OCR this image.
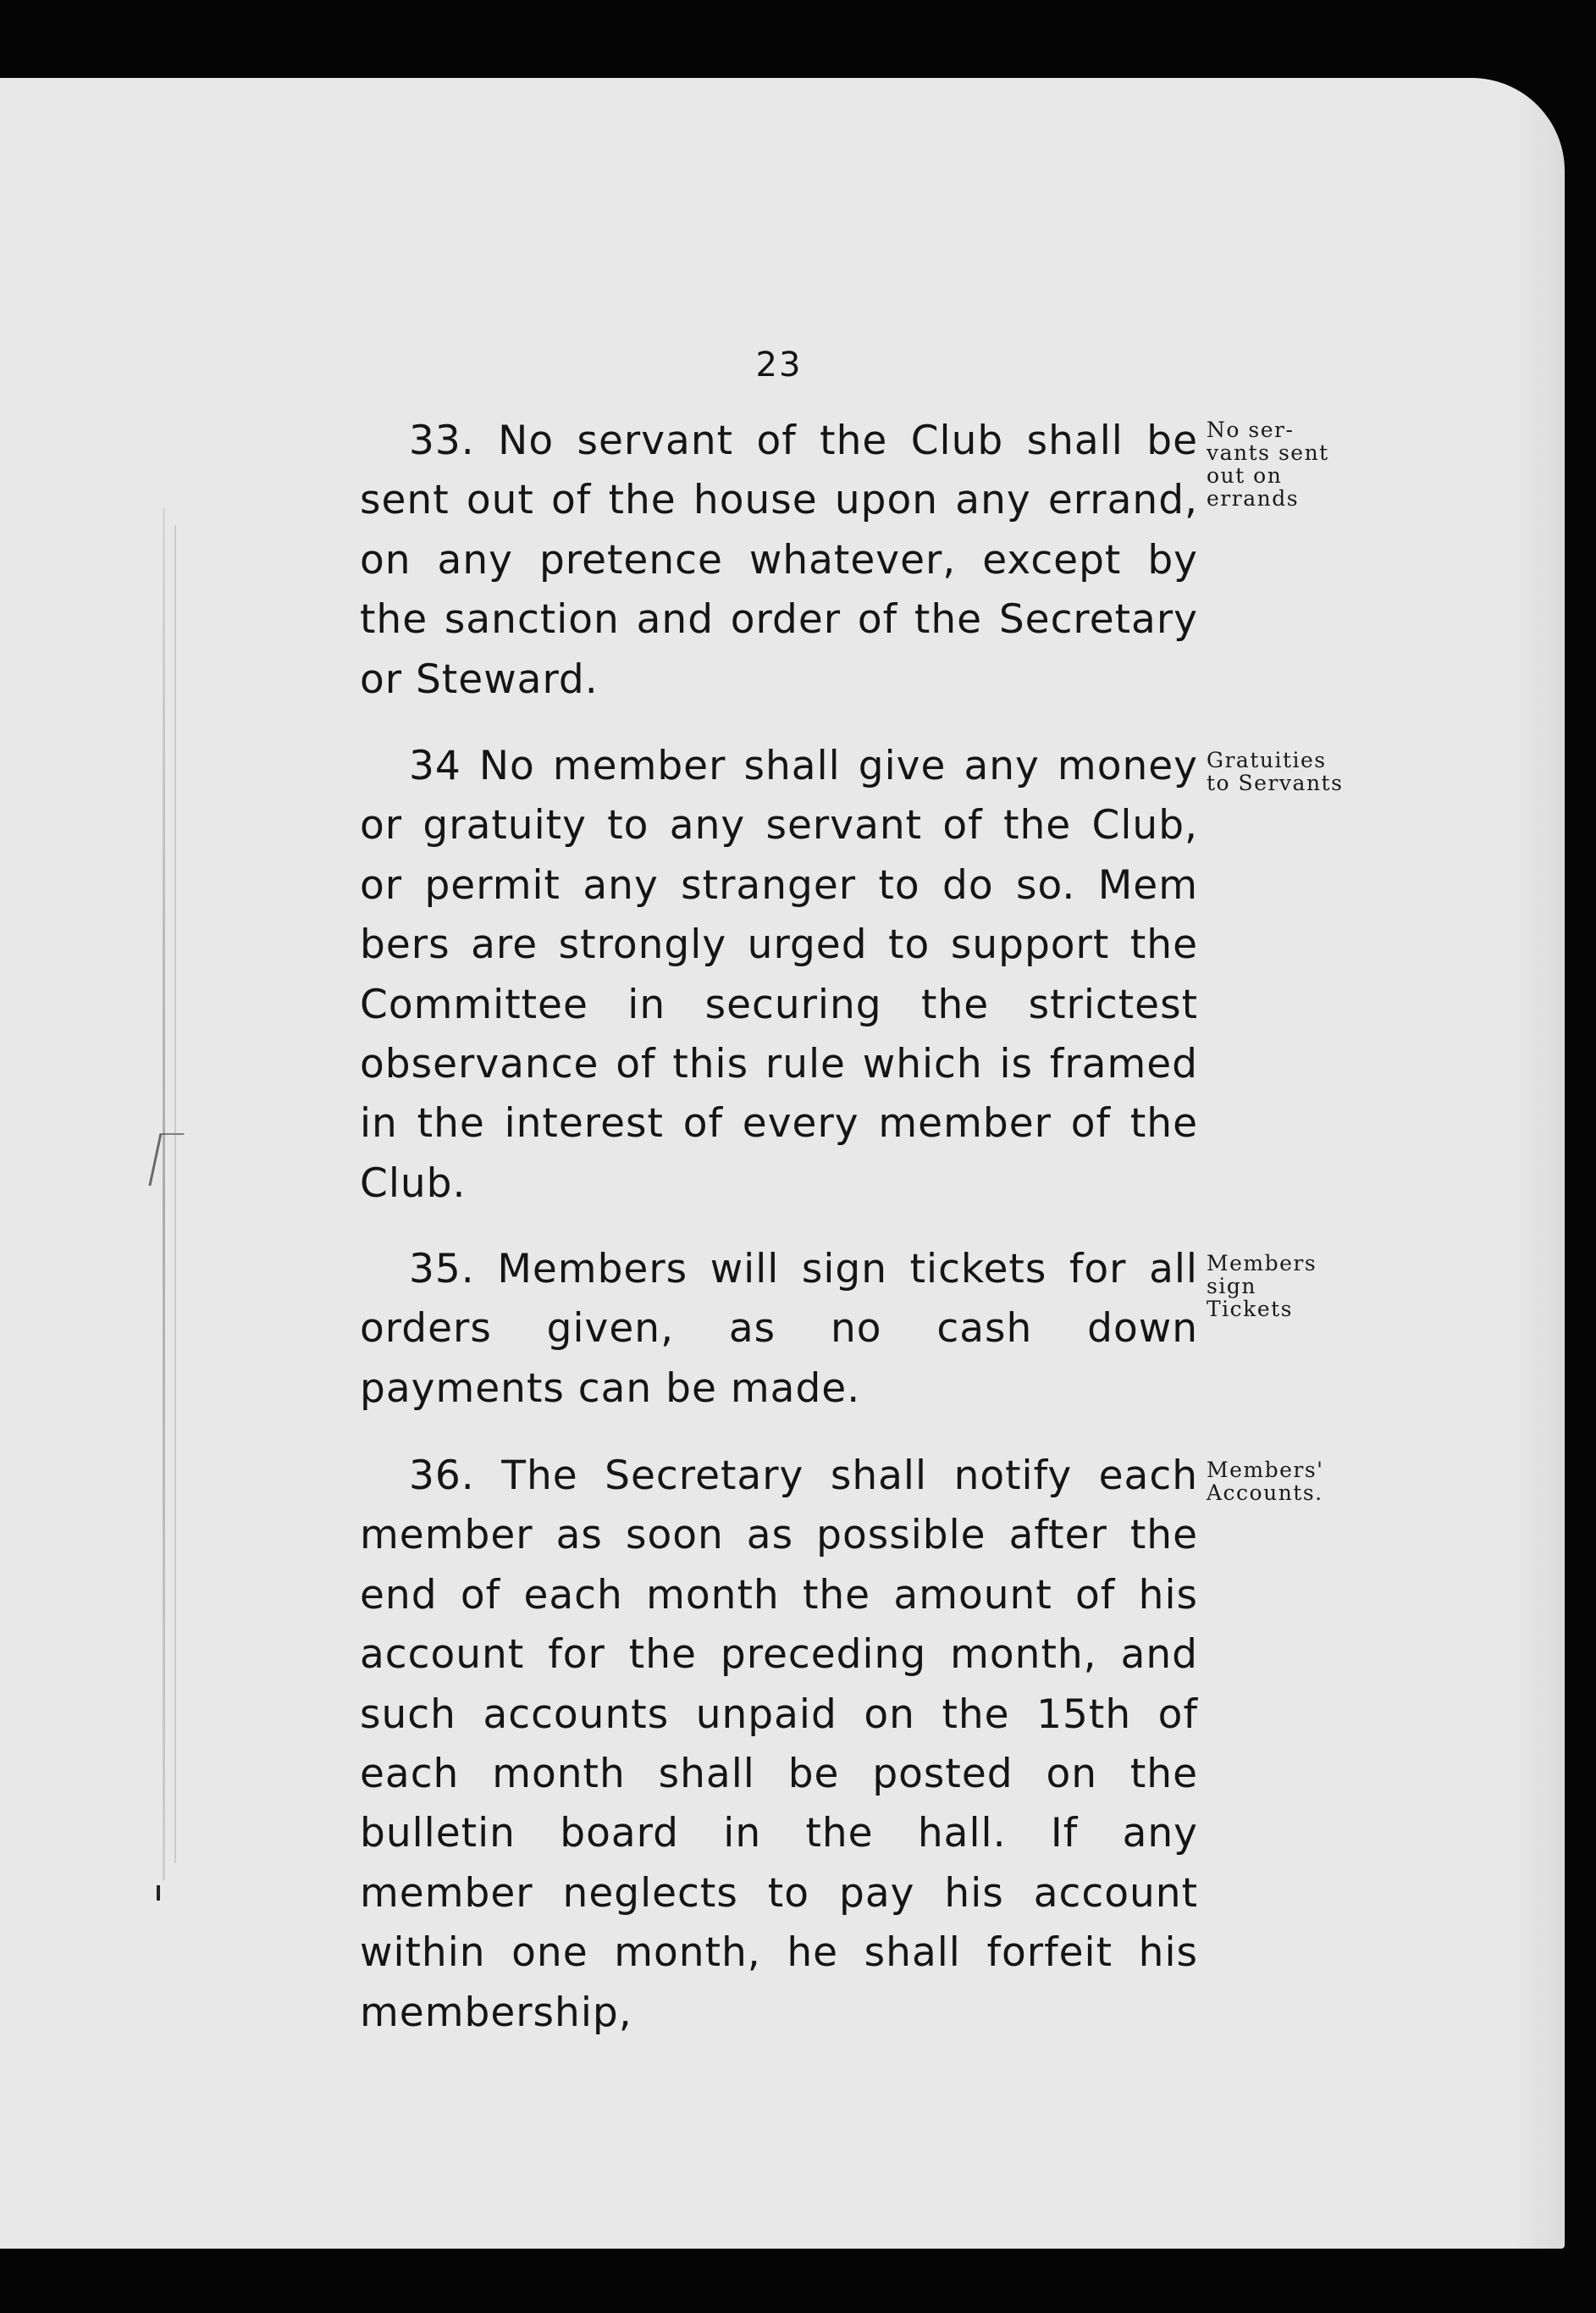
23
33. No servant of the Club shall be sent out of the house upon any errand, on any pretence whatever, except by the sanction and order of the Secretary or Steward.
No ser-
vants sent
out on
errands
34 No member shall give any money or gratuity to any servant of the Club, or permit any stranger to do so. Mem bers are strongly urged to support the Committee in securing the strictest observance of this rule which is framed in the interest of every member of the Club.
Gratuities
to Servants
35. Members will sign tickets for all orders given, as no cash down payments can be made.
Members
sign
Tickets
36. The Secretary shall notify each member as soon as possible after the end of each month the amount of his account for the preceding month, and such accounts unpaid on the 15th of each month shall be posted on the bulletin board in the hall. If any member neglects to pay his account within one month, he shall forfeit his membership,
Members'
Accounts.
